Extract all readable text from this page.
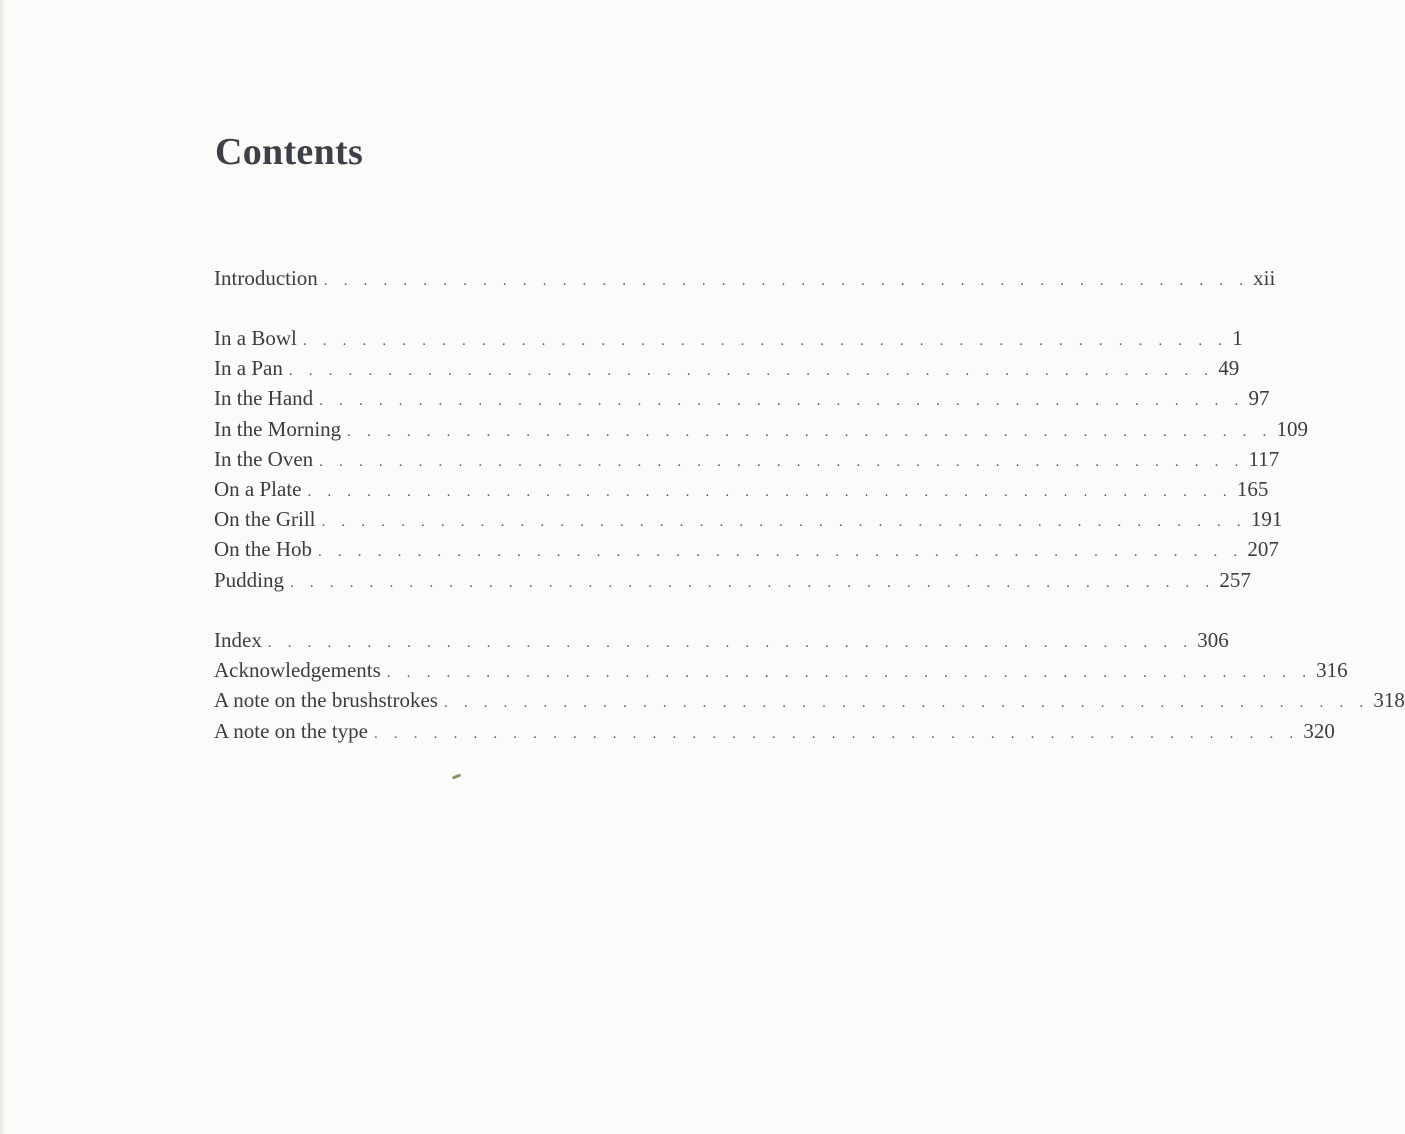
Contents
Introduction . . . . . . . . . . . . . . . . . . . . . . . . . . . . . . . . . . . . . . . . . . . . . . . xii
In a Bowl . . . . . . . . . . . . . . . . . . . . . . . . . . . . . . . . . . . . . . . . . . . . . . . 1
In a Pan . . . . . . . . . . . . . . . . . . . . . . . . . . . . . . . . . . . . . . . . . . . . . . . 49
In the Hand . . . . . . . . . . . . . . . . . . . . . . . . . . . . . . . . . . . . . . . . . . . . . . . 97
In the Morning . . . . . . . . . . . . . . . . . . . . . . . . . . . . . . . . . . . . . . . . . . . . . . . 109
In the Oven . . . . . . . . . . . . . . . . . . . . . . . . . . . . . . . . . . . . . . . . . . . . . . . 117
On a Plate . . . . . . . . . . . . . . . . . . . . . . . . . . . . . . . . . . . . . . . . . . . . . . . 165
On the Grill . . . . . . . . . . . . . . . . . . . . . . . . . . . . . . . . . . . . . . . . . . . . . . . 191
On the Hob . . . . . . . . . . . . . . . . . . . . . . . . . . . . . . . . . . . . . . . . . . . . . . . 207
Pudding . . . . . . . . . . . . . . . . . . . . . . . . . . . . . . . . . . . . . . . . . . . . . . . 257
Index . . . . . . . . . . . . . . . . . . . . . . . . . . . . . . . . . . . . . . . . . . . . . . . 306
Acknowledgements . . . . . . . . . . . . . . . . . . . . . . . . . . . . . . . . . . . . . . . . . . . . . . . 316
A note on the brushstrokes . . . . . . . . . . . . . . . . . . . . . . . . . . . . . . . . . . . . . . . . . . . . . . . 318
A note on the type . . . . . . . . . . . . . . . . . . . . . . . . . . . . . . . . . . . . . . . . . . . . . . . 320
